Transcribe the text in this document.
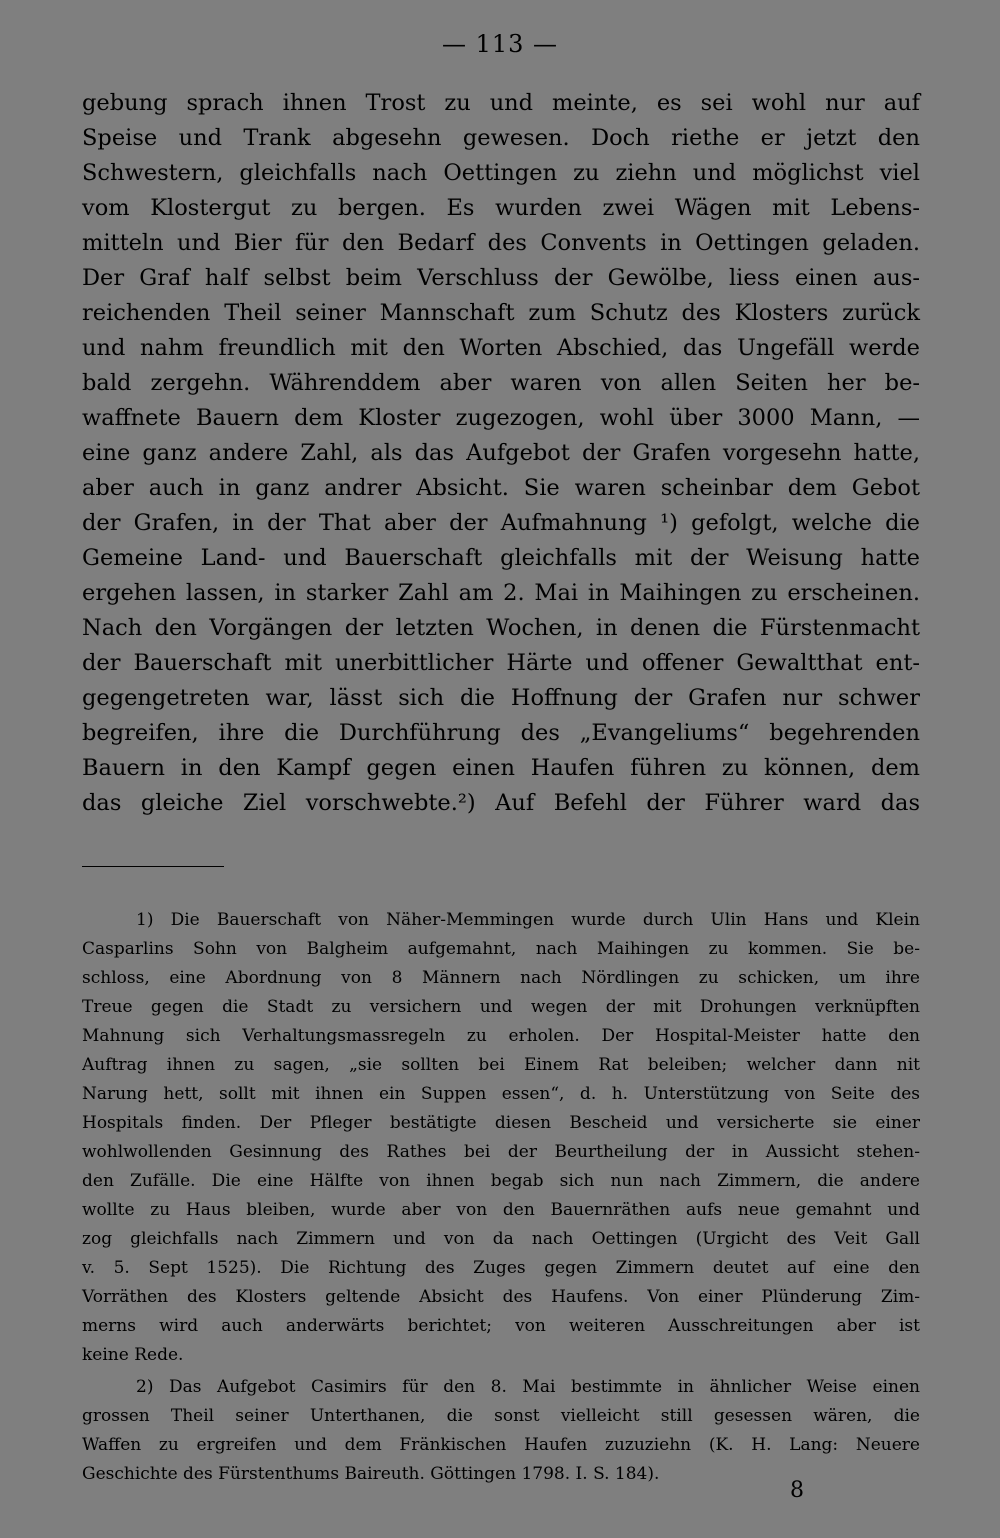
— 113 —
gebung sprach ihnen Trost zu und meinte, es sei wohl nur auf
Speise und Trank abgesehn gewesen. Doch riethe er jetzt den
Schwestern, gleichfalls nach Oettingen zu ziehn und möglichst viel
vom Klostergut zu bergen. Es wurden zwei Wägen mit Lebens-
mitteln und Bier für den Bedarf des Convents in Oettingen geladen.
Der Graf half selbst beim Verschluss der Gewölbe, liess einen aus-
reichenden Theil seiner Mannschaft zum Schutz des Klosters zurück
und nahm freundlich mit den Worten Abschied, das Ungefäll werde
bald zergehn. Währenddem aber waren von allen Seiten her be-
waffnete Bauern dem Kloster zugezogen, wohl über 3000 Mann, —
eine ganz andere Zahl, als das Aufgebot der Grafen vorgesehn hatte,
aber auch in ganz andrer Absicht. Sie waren scheinbar dem Gebot
der Grafen, in der That aber der Aufmahnung ¹) gefolgt, welche die
Gemeine Land- und Bauerschaft gleichfalls mit der Weisung hatte
ergehen lassen, in starker Zahl am 2. Mai in Maihingen zu erscheinen.
Nach den Vorgängen der letzten Wochen, in denen die Fürstenmacht
der Bauerschaft mit unerbittlicher Härte und offener Gewaltthat ent-
gegengetreten war, lässt sich die Hoffnung der Grafen nur schwer
begreifen, ihre die Durchführung des „Evangeliums“ begehrenden
Bauern in den Kampf gegen einen Haufen führen zu können, dem
das gleiche Ziel vorschwebte.²) Auf Befehl der Führer ward das
1) Die Bauerschaft von Näher-Memmingen wurde durch Ulin Hans und Klein
Casparlins Sohn von Balgheim aufgemahnt, nach Maihingen zu kommen. Sie be-
schloss, eine Abordnung von 8 Männern nach Nördlingen zu schicken, um ihre
Treue gegen die Stadt zu versichern und wegen der mit Drohungen verknüpften
Mahnung sich Verhaltungsmassregeln zu erholen. Der Hospital-Meister hatte den
Auftrag ihnen zu sagen, „sie sollten bei Einem Rat beleiben; welcher dann nit
Narung hett, sollt mit ihnen ein Suppen essen“, d. h. Unterstützung von Seite des
Hospitals finden. Der Pfleger bestätigte diesen Bescheid und versicherte sie einer
wohlwollenden Gesinnung des Rathes bei der Beurtheilung der in Aussicht stehen-
den Zufälle. Die eine Hälfte von ihnen begab sich nun nach Zimmern, die andere
wollte zu Haus bleiben, wurde aber von den Bauernräthen aufs neue gemahnt und
zog gleichfalls nach Zimmern und von da nach Oettingen (Urgicht des Veit Gall
v. 5. Sept 1525). Die Richtung des Zuges gegen Zimmern deutet auf eine den
Vorräthen des Klosters geltende Absicht des Haufens. Von einer Plünderung Zim-
merns wird auch anderwärts berichtet; von weiteren Ausschreitungen aber ist
keine Rede.
2) Das Aufgebot Casimirs für den 8. Mai bestimmte in ähnlicher Weise einen
grossen Theil seiner Unterthanen, die sonst vielleicht still gesessen wären, die
Waffen zu ergreifen und dem Fränkischen Haufen zuzuziehn (K. H. Lang: Neuere
Geschichte des Fürstenthums Baireuth. Göttingen 1798. I. S. 184).
8
